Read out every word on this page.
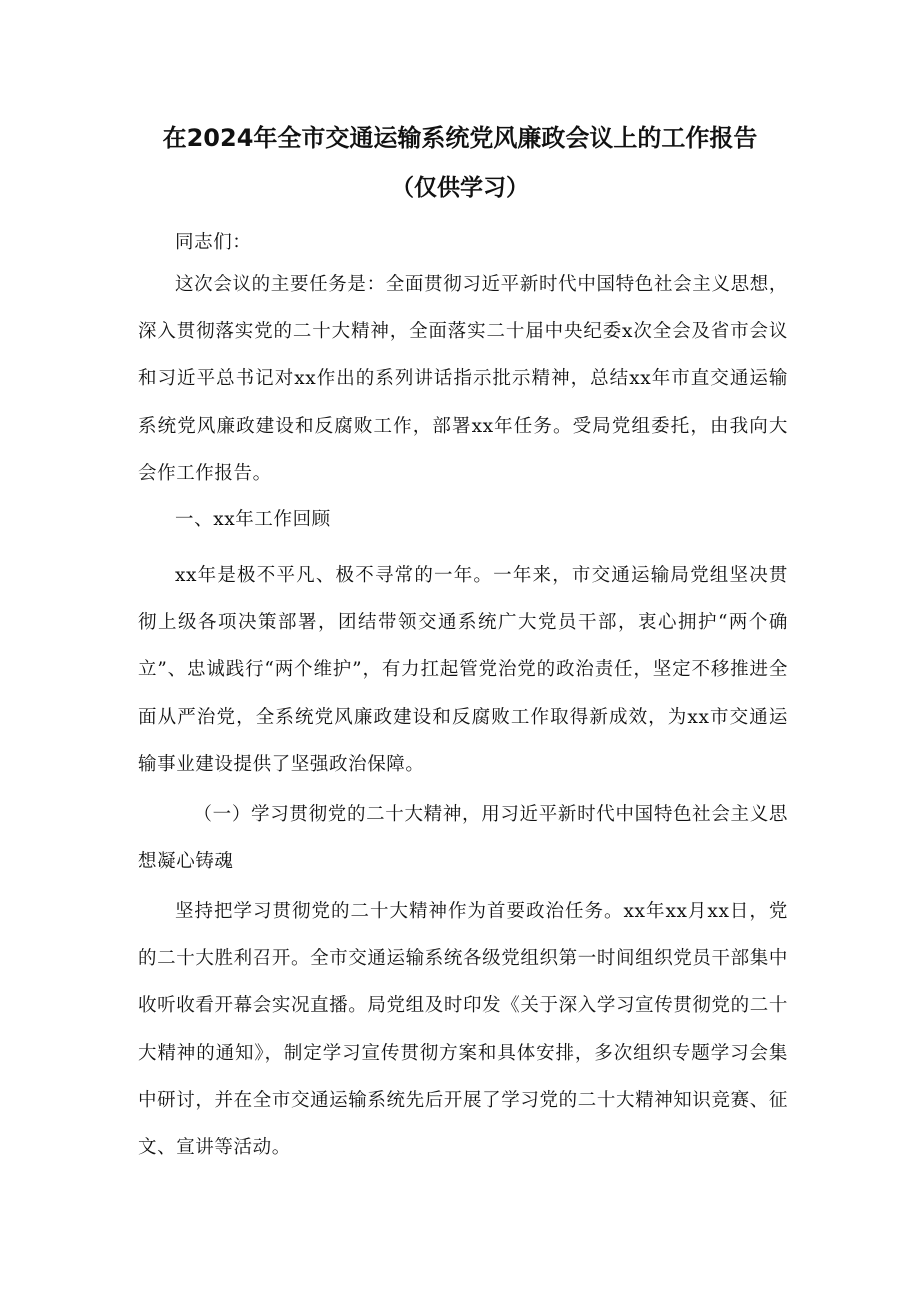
在2024年全市交通运输系统党风廉政会议上的工作报告
（仅供学习）

同志们：

这次会议的主要任务是：全面贯彻习近平新时代中国特色社会主义思想，深入贯彻落实党的二十大精神，全面落实二十届中央纪委x次全会及省市会议和习近平总书记对xx作出的系列讲话指示批示精神，总结xx年市直交通运输系统党风廉政建设和反腐败工作，部署xx年任务。受局党组委托，由我向大会作工作报告。

一、xx年工作回顾

xx年是极不平凡、极不寻常的一年。一年来，市交通运输局党组坚决贯彻上级各项决策部署，团结带领交通系统广大党员干部，衷心拥护“两个确立”、忠诚践行“两个维护”，有力扛起管党治党的政治责任，坚定不移推进全面从严治党，全系统党风廉政建设和反腐败工作取得新成效，为xx市交通运输事业建设提供了坚强政治保障。

（一）学习贯彻党的二十大精神，用习近平新时代中国特色社会主义思想凝心铸魂

坚持把学习贯彻党的二十大精神作为首要政治任务。xx年xx月xx日，党的二十大胜利召开。全市交通运输系统各级党组织第一时间组织党员干部集中收听收看开幕会实况直播。局党组及时印发《关于深入学习宣传贯彻党的二十大精神的通知》，制定学习宣传贯彻方案和具体安排，多次组织专题学习会集中研讨，并在全市交通运输系统先后开展了学习党的二十大精神知识竞赛、征文、宣讲等活动。
